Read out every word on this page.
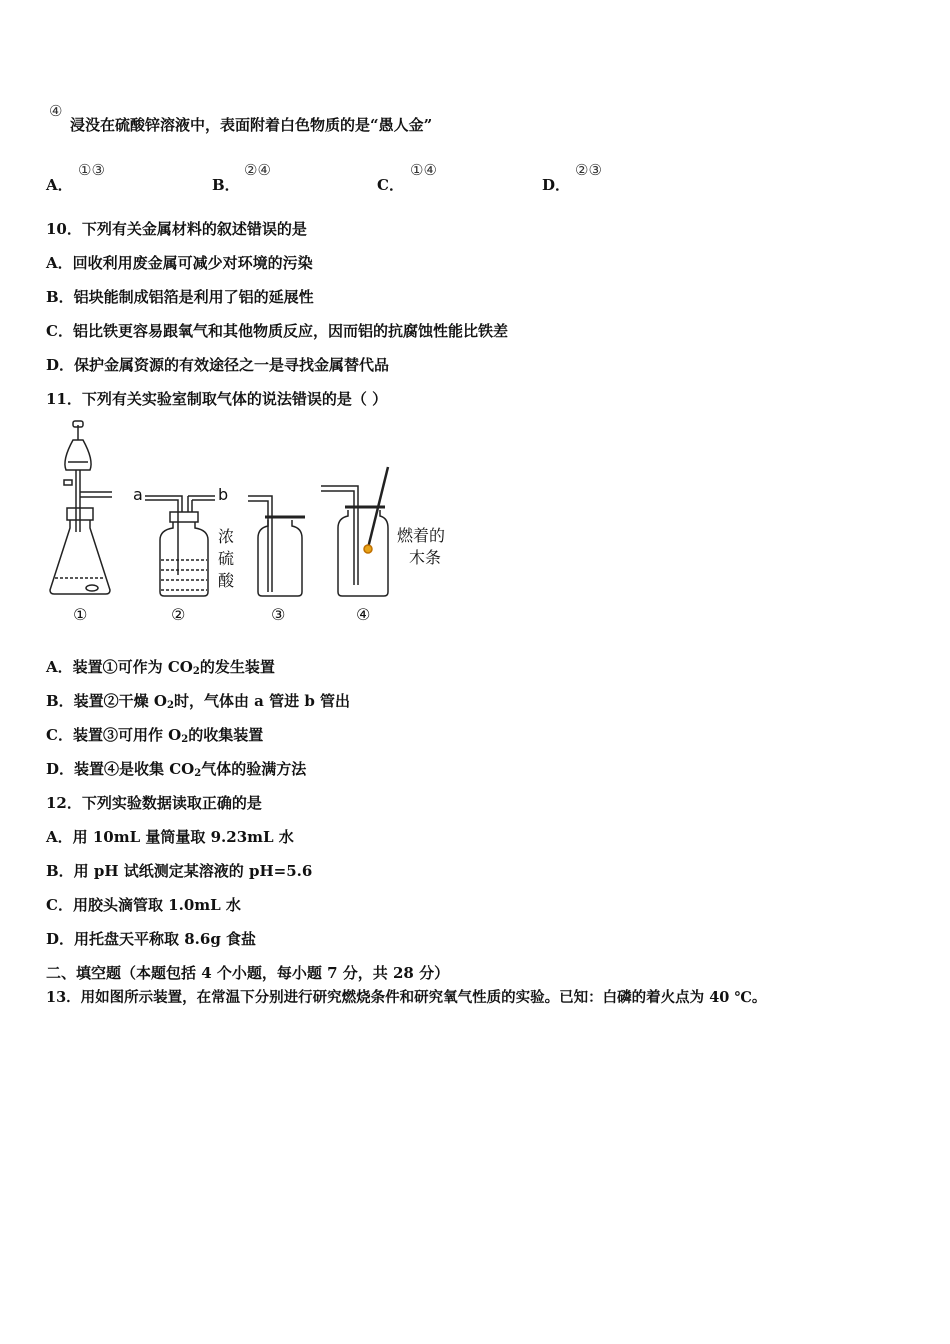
④
浸没在硫酸锌溶液中，表面附着白色物质的是“愚人金”
A．
①③
B．
②④
C．
①④
D．
②③
10．下列有关金属材料的叙述错误的是
A．回收利用废金属可减少对环境的污染
B．铝块能制成铝箔是利用了铝的延展性
C．铝比铁更容易跟氧气和其他物质反应，因而铝的抗腐蚀性能比铁差
D．保护金属资源的有效途径之一是寻找金属替代品
11．下列有关实验室制取气体的说法错误的是（ ）
①
a	b
浓
硫
酸
②	③
燃着的
木条
④
A．装置①可作为 $CO_2$的发生装置
B．装置②干燥 $O_2$时，气体由 a 管进 b 管出
C．装置③可用作 $O_2$的收集装置
D．装置④是收集 $CO_2$气体的验满方法
12．下列实验数据读取正确的是
A．用 10mL 量筒量取 9.23mL 水
B．用 pH 试纸测定某溶液的 pH=5.6
C．用胶头滴管取 1.0mL 水
D．用托盘天平称取 8.6g 食盐
二、填空题（本题包括 4 个小题，每小题 7 分，共 28 分）
13．用如图所示装置，在常温下分别进行研究燃烧条件和研究氧气性质的实验。已知：白磷的着火点为 40 ℃。
